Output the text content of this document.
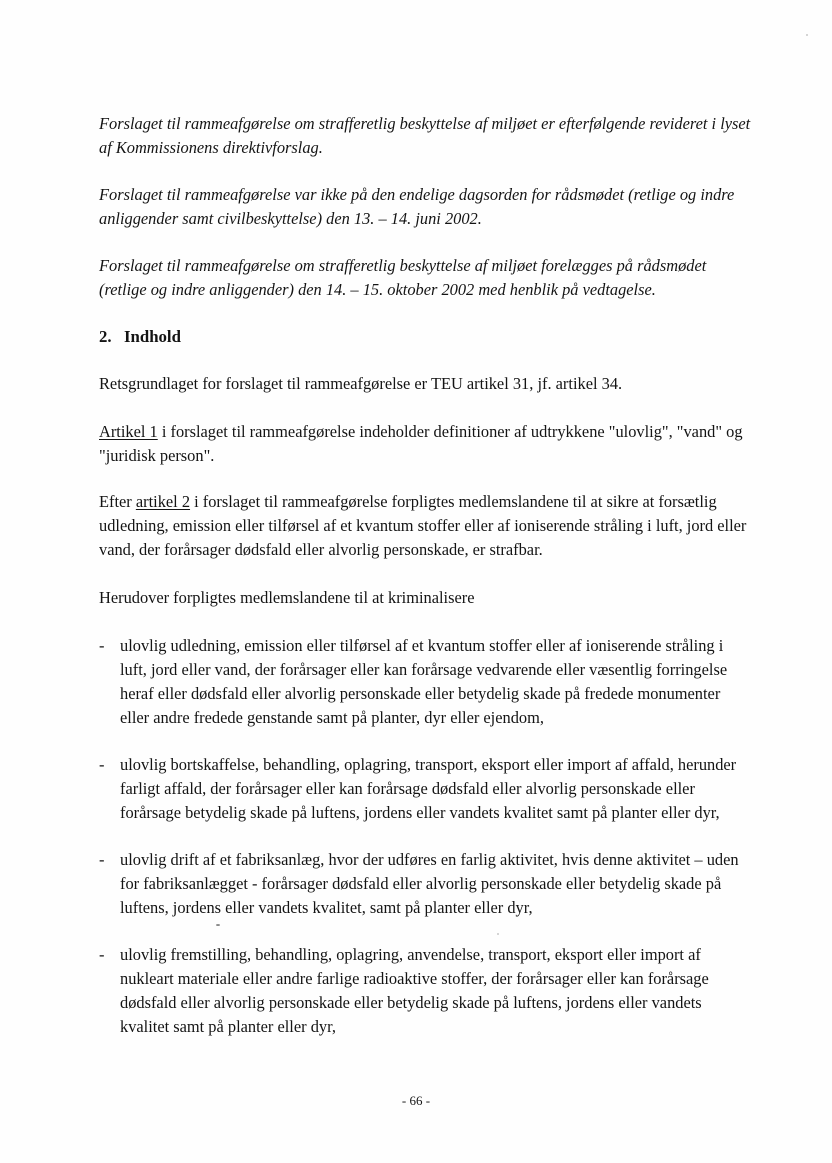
Forslaget til rammeafgørelse om strafferetlig beskyttelse af miljøet er efterfølgende revideret i lyset af Kommissionens direktivforslag.

Forslaget til rammeafgørelse var ikke på den endelige dagsorden for rådsmødet (retlige og indre anliggender samt civilbeskyttelse) den 13. – 14. juni 2002.

Forslaget til rammeafgørelse om strafferetlig beskyttelse af miljøet forelægges på rådsmødet (retlige og indre anliggender) den 14. – 15. oktober 2002 med henblik på vedtagelse.

2. Indhold

Retsgrundlaget for forslaget til rammeafgørelse er TEU artikel 31, jf. artikel 34.

Artikel 1 i forslaget til rammeafgørelse indeholder definitioner af udtrykkene "ulovlig", "vand" og "juridisk person".

Efter artikel 2 i forslaget til rammeafgørelse forpligtes medlemslandene til at sikre at forsætlig udledning, emission eller tilførsel af et kvantum stoffer eller af ioniserende stråling i luft, jord eller vand, der forårsager dødsfald eller alvorlig personskade, er strafbar.

Herudover forpligtes medlemslandene til at kriminalisere

- ulovlig udledning, emission eller tilførsel af et kvantum stoffer eller af ioniserende stråling i luft, jord eller vand, der forårsager eller kan forårsage vedvarende eller væsentlig forringelse heraf eller dødsfald eller alvorlig personskade eller betydelig skade på fredede monumenter eller andre fredede genstande samt på planter, dyr eller ejendom,
- ulovlig bortskaffelse, behandling, oplagring, transport, eksport eller import af affald, herunder farligt affald, der forårsager eller kan forårsage dødsfald eller alvorlig personskade eller forårsage betydelig skade på luftens, jordens eller vandets kvalitet samt på planter eller dyr,
- ulovlig drift af et fabriksanlæg, hvor der udføres en farlig aktivitet, hvis denne aktivitet – uden for fabriksanlægget - forårsager dødsfald eller alvorlig personskade eller betydelig skade på luftens, jordens eller vandets kvalitet, samt på planter eller dyr,
- ulovlig fremstilling, behandling, oplagring, anvendelse, transport, eksport eller import af nukleart materiale eller andre farlige radioaktive stoffer, der forårsager eller kan forårsage dødsfald eller alvorlig personskade eller betydelig skade på luftens, jordens eller vandets kvalitet samt på planter eller dyr,
- 66 -
